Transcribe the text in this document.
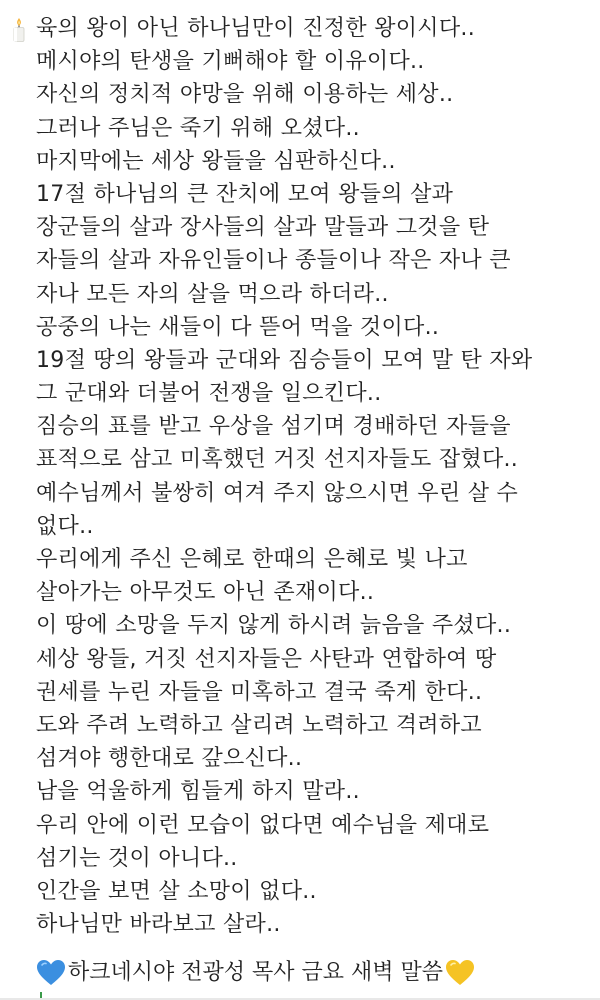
육의 왕이 아닌 하나님만이 진정한 왕이시다..
메시야의 탄생을 기뻐해야 할 이유이다..
자신의 정치적 야망을 위해 이용하는 세상..
그러나 주님은 죽기 위해 오셨다..
마지막에는 세상 왕들을 심판하신다..
17절 하나님의 큰 잔치에 모여 왕들의 살과
장군들의 살과 장사들의 살과 말들과 그것을 탄
자들의 살과 자유인들이나 종들이나 작은 자나 큰
자나 모든 자의 살을 먹으라 하더라..
공중의 나는 새들이 다 뜯어 먹을 것이다..
19절 땅의 왕들과 군대와 짐승들이 모여 말 탄 자와
그 군대와 더불어 전쟁을 일으킨다..
짐승의 표를 받고 우상을 섬기며 경배하던 자들을
표적으로 삼고 미혹했던 거짓 선지자들도 잡혔다..
예수님께서 불쌍히 여겨 주지 않으시면 우린 살 수
없다..
우리에게 주신 은혜로 한때의 은혜로 빛 나고
살아가는 아무것도 아닌 존재이다..
이 땅에 소망을 두지 않게 하시려 늙음을 주셨다..
세상 왕들, 거짓 선지자들은 사탄과 연합하여 땅
권세를 누린 자들을 미혹하고 결국 죽게 한다..
도와 주려 노력하고 살리려 노력하고 격려하고
섬겨야 행한대로 갚으신다..
남을 억울하게 힘들게 하지 말라..
우리 안에 이런 모습이 없다면 예수님을 제대로
섬기는 것이 아니다..
인간을 보면 살 소망이 없다..
하나님만 바라보고 살라..
하크네시야 전광성 목사 금요 새벽 말씀
